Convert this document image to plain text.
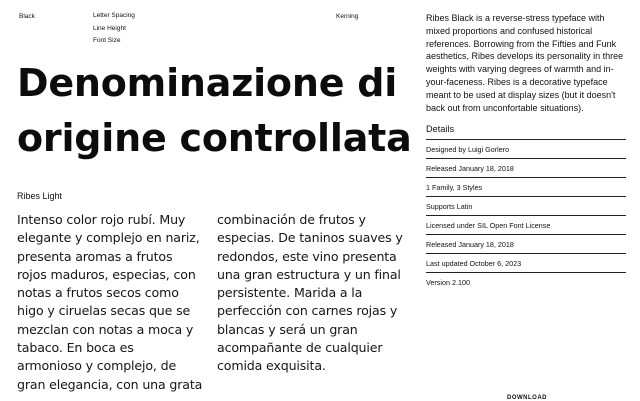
Black	Letter Spacing
Line Height
Font Size
Kerning
Denominazione di
origine controllata
Ribes Light

Intenso color rojo rubí. Muy
elegante y complejo en nariz,
presenta aromas a frutos
rojos maduros, especias, con
notas a frutos secos como
higo y ciruelas secas que se
mezclan con notas a moca y
tabaco. En boca es
armonioso y complejo, de
gran elegancia, con una grata

combinación de frutos y
especias. De taninos suaves y
redondos, este vino presenta
una gran estructura y un final
persistente. Marida a la
perfección con carnes rojas y
blancas y será un gran
acompañante de cualquier
comida exquisita.

Ribes Black is a reverse-stress typeface with mixed proportions and confused historical references. Borrowing from the Fifties and Funk aesthetics, Ribes develops its personality in three weights with varying degrees of warmth and in-your-faceness. Ribes is a decorative typeface meant to be used at display sizes (but it doesn't back out from unconfortable situations).

Details
Designed by Luigi Gorlero
Released January 18, 2018
1 Family, 3 Styles
Supports Latin
Licensed under SIL Open Font License
Released January 18, 2018
Last updated October 6, 2023
Version 2.100
DOWNLOAD
